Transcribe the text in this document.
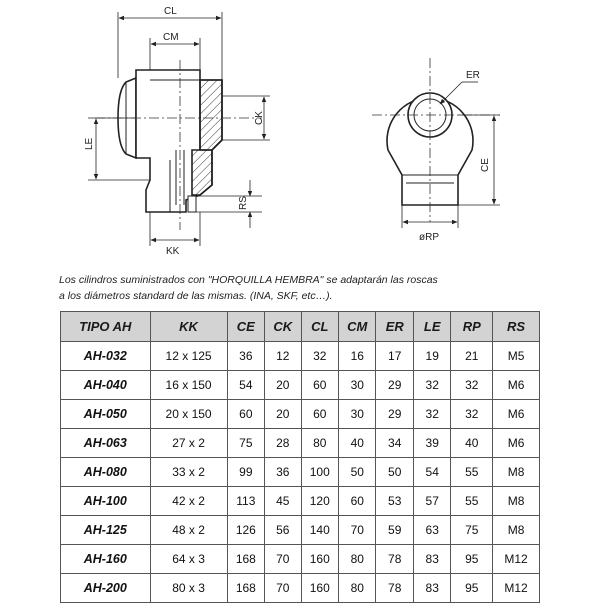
CL
CM
LE
CK
RS
KK
ER
CE
øRP

Los cilindros suministrados con "HORQUILLA HEMBRA" se adaptarán las roscas

a los diámetros standard de las mismas. (INA, SKF, etc…).

TIPO AH	KK	CE	CK	CL	CM	ER	LE	RP	RS
AH-032	12 x 125	36	12	32	16	17	19	21	M5
AH-040	16 x 150	54	20	60	30	29	32	32	M6
AH-050	20 x 150	60	20	60	30	29	32	32	M6
AH-063	27 x 2	75	28	80	40	34	39	40	M6
AH-080	33 x 2	99	36	100	50	50	54	55	M8
AH-100	42 x 2	113	45	120	60	53	57	55	M8
AH-125	48 x 2	126	56	140	70	59	63	75	M8
AH-160	64 x 3	168	70	160	80	78	83	95	M12
AH-200	80 x 3	168	70	160	80	78	83	95	M12
